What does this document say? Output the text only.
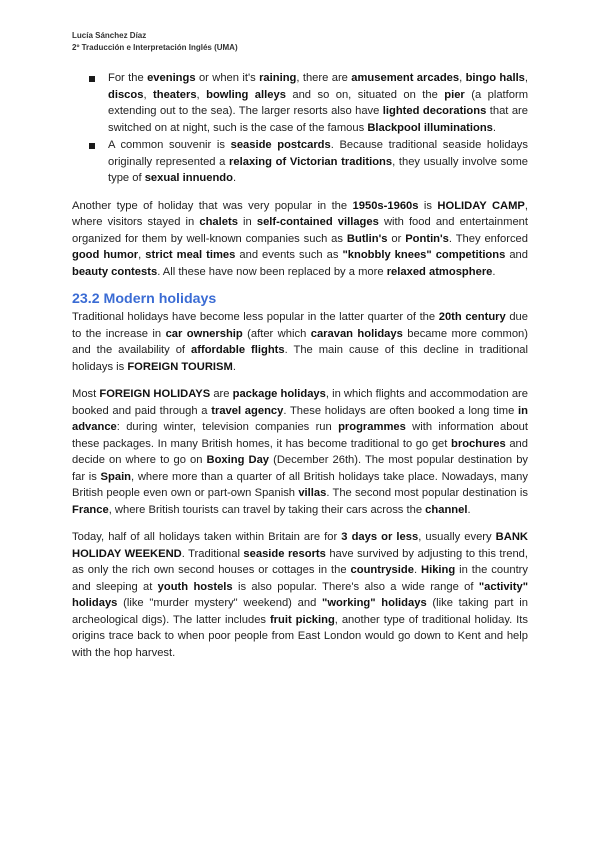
Lucía Sánchez Díaz
2º Traducción e Interpretación Inglés (UMA)
For the evenings or when it's raining, there are amusement arcades, bingo halls, discos, theaters, bowling alleys and so on, situated on the pier (a platform extending out to the sea). The larger resorts also have lighted decorations that are switched on at night, such is the case of the famous Blackpool illuminations.
A common souvenir is seaside postcards. Because traditional seaside holidays originally represented a relaxing of Victorian traditions, they usually involve some type of sexual innuendo.

Another type of holiday that was very popular in the 1950s-1960s is HOLIDAY CAMP, where visitors stayed in chalets in self-contained villages with food and entertainment organized for them by well-known companies such as Butlin's or Pontin's. They enforced good humor, strict meal times and events such as "knobbly knees" competitions and beauty contests. All these have now been replaced by a more relaxed atmosphere.

23.2 Modern holidays

Traditional holidays have become less popular in the latter quarter of the 20th century due to the increase in car ownership (after which caravan holidays became more common) and the availability of affordable flights. The main cause of this decline in traditional holidays is FOREIGN TOURISM.

Most FOREIGN HOLIDAYS are package holidays, in which flights and accommodation are booked and paid through a travel agency. These holidays are often booked a long time in advance: during winter, television companies run programmes with information about these packages. In many British homes, it has become traditional to go get brochures and decide on where to go on Boxing Day (December 26th). The most popular destination by far is Spain, where more than a quarter of all British holidays take place. Nowadays, many British people even own or part-own Spanish villas. The second most popular destination is France, where British tourists can travel by taking their cars across the channel.

Today, half of all holidays taken within Britain are for 3 days or less, usually every BANK HOLIDAY WEEKEND. Traditional seaside resorts have survived by adjusting to this trend, as only the rich own second houses or cottages in the countryside. Hiking in the country and sleeping at youth hostels is also popular. There's also a wide range of "activity" holidays (like "murder mystery" weekend) and "working" holidays (like taking part in archeological digs). The latter includes fruit picking, another type of traditional holiday. Its origins trace back to when poor people from East London would go down to Kent and help with the hop harvest.
